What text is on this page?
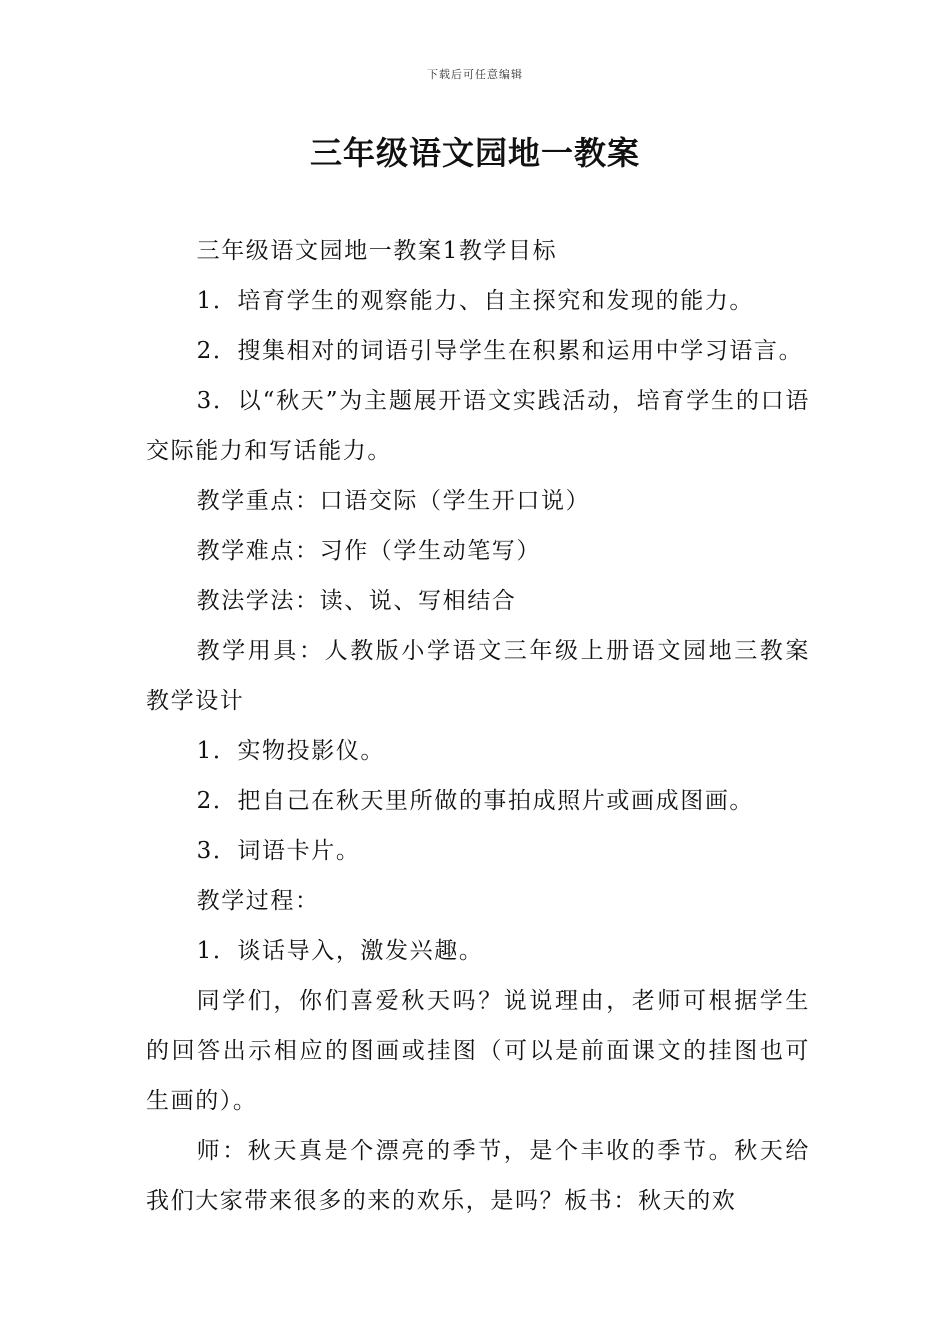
下载后可任意编辑
三年级语文园地一教案

三年级语文园地一教案1教学目标

1．培育学生的观察能力、自主探究和发现的能力。

2．搜集相对的词语引导学生在积累和运用中学习语言。

3．以“秋天”为主题展开语文实践活动，培育学生的口语交际能力和写话能力。

教学重点：口语交际（学生开口说）

教学难点：习作（学生动笔写）

教法学法：读、说、写相结合

教学用具：人教版小学语文三年级上册语文园地三教案教学设计

1．实物投影仪。

2．把自己在秋天里所做的事拍成照片或画成图画。

3．词语卡片。

教学过程：

1．谈话导入，激发兴趣。

同学们，你们喜爱秋天吗？说说理由，老师可根据学生的回答出示相应的图画或挂图（可以是前面课文的挂图也可生画的）。

师：秋天真是个漂亮的季节，是个丰收的季节。秋天给我们大家带来很多的来的欢乐，是吗？板书：秋天的欢
